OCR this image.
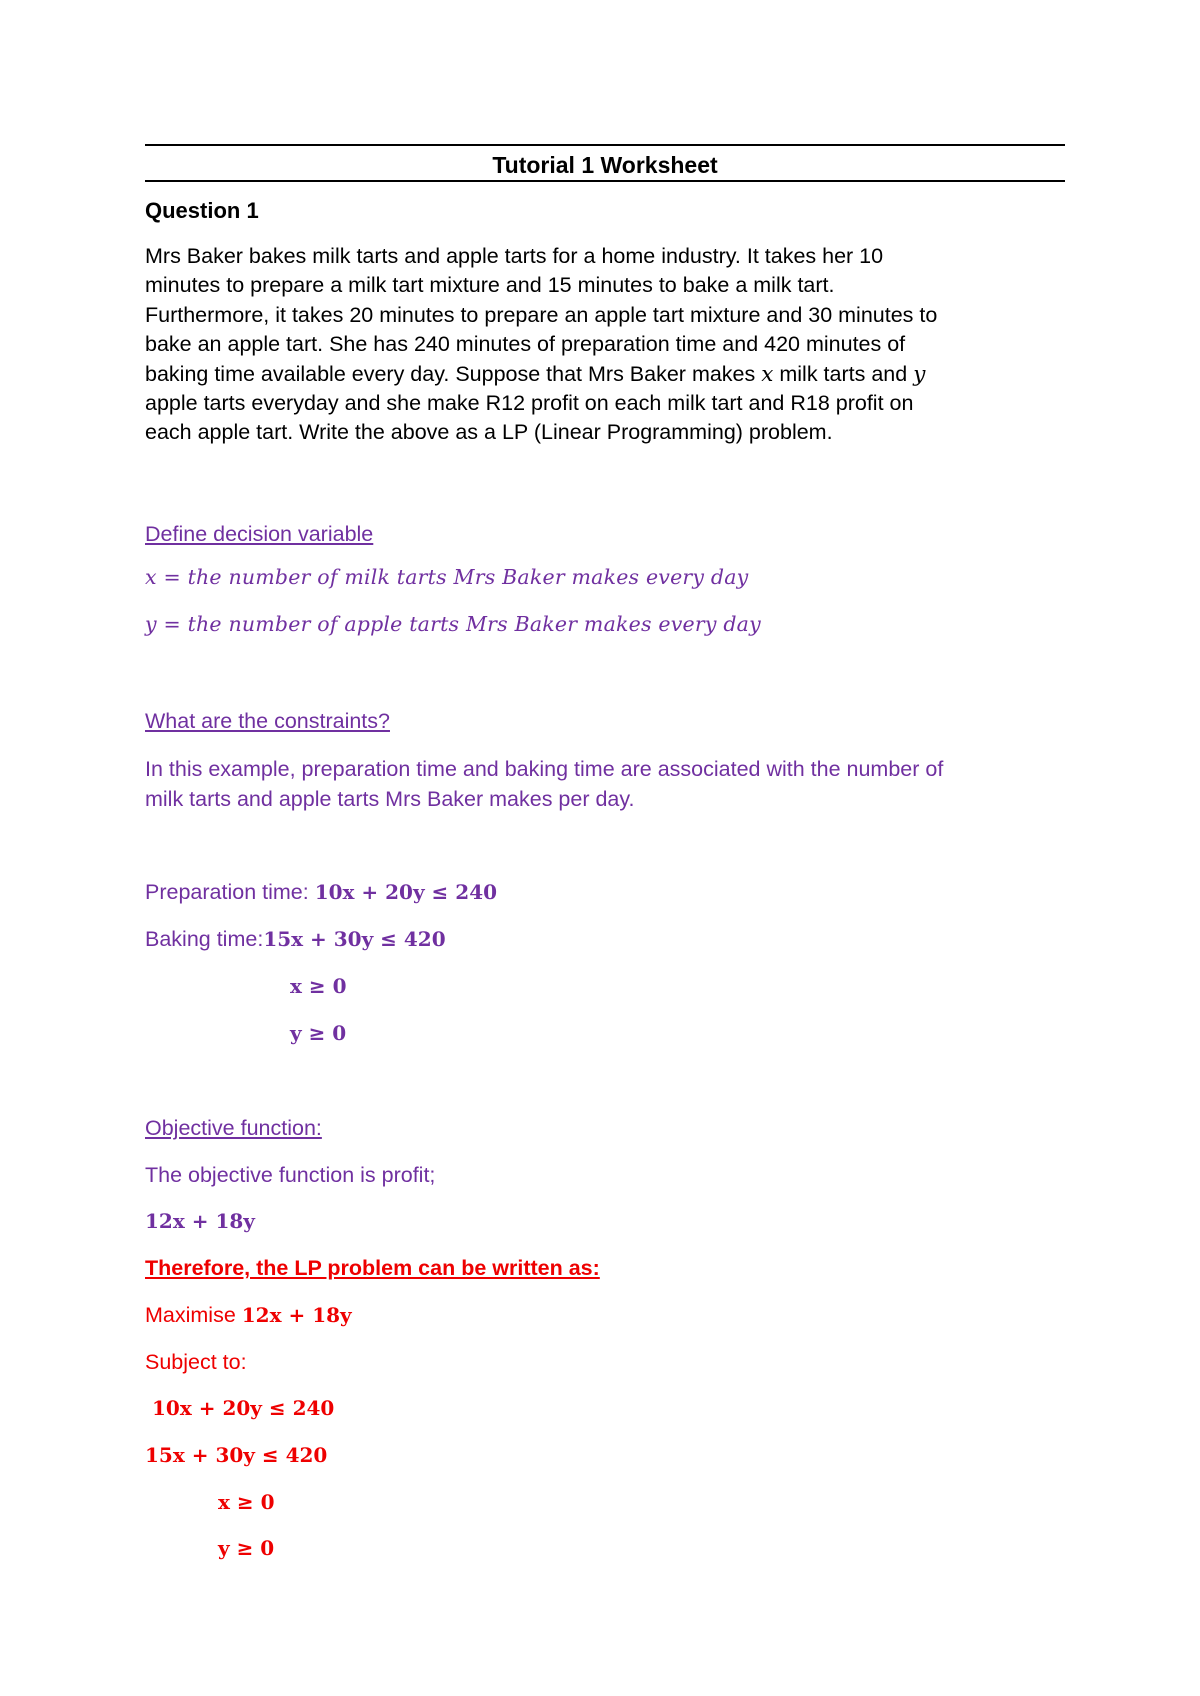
Tutorial 1 Worksheet
Question 1
Mrs Baker bakes milk tarts and apple tarts for a home industry. It takes her 10
minutes to prepare a milk tart mixture and 15 minutes to bake a milk tart.
Furthermore, it takes 20 minutes to prepare an apple tart mixture and 30 minutes to
bake an apple tart. She has 240 minutes of preparation time and 420 minutes of
baking time available every day. Suppose that Mrs Baker makes x milk tarts and y
apple tarts everyday and she make R12 profit on each milk tart and R18 profit on
each apple tart. Write the above as a LP (Linear Programming) problem.
Define decision variable
x = the number of milk tarts Mrs Baker makes every day
y = the number of apple tarts Mrs Baker makes every day
What are the constraints?
In this example, preparation time and baking time are associated with the number of
milk tarts and apple tarts Mrs Baker makes per day.
Preparation time: 10x + 20y ≤ 240
Baking time:15x + 30y ≤ 420
x ≥ 0
y ≥ 0
Objective function:
The objective function is profit;
12x + 18y
Therefore, the LP problem can be written as:
Maximise 12x + 18y
Subject to:
10x + 20y ≤ 240
15x + 30y ≤ 420
x ≥ 0
y ≥ 0
